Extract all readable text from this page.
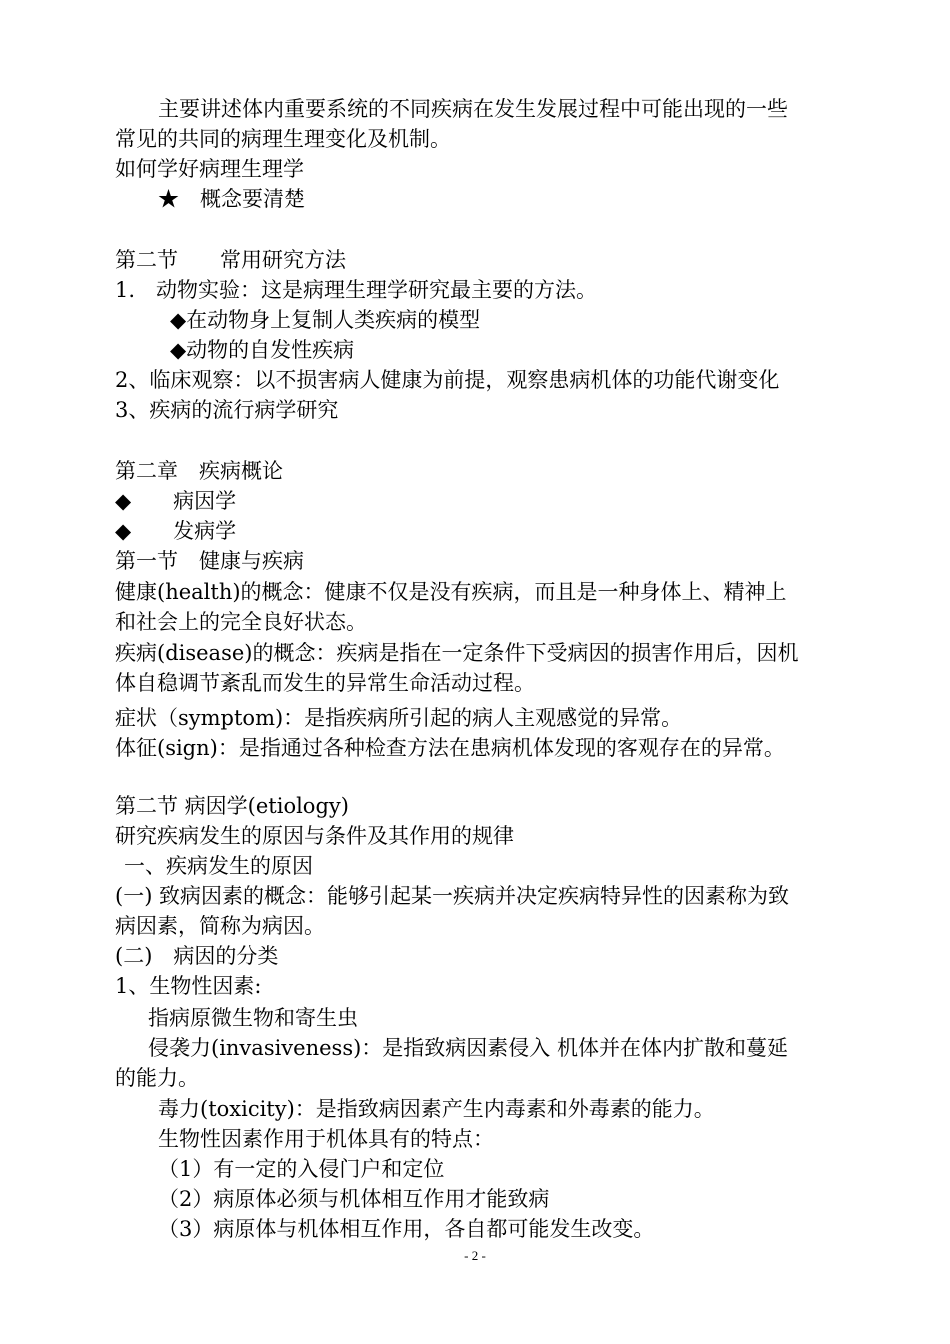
主要讲述体内重要系统的不同疾病在发生发展过程中可能出现的一些
常见的共同的病理生理变化及机制。
如何学好病理生理学
★　概念要清楚
第二节　　常用研究方法
1.　动物实验：这是病理生理学研究最主要的方法。
◆在动物身上复制人类疾病的模型
◆动物的自发性疾病
2、临床观察：以不损害病人健康为前提，观察患病机体的功能代谢变化
3、疾病的流行病学研究
第二章　疾病概论
◆　　病因学
◆　　发病学
第一节　健康与疾病
健康(health)的概念：健康不仅是没有疾病，而且是一种身体上、精神上
和社会上的完全良好状态。
疾病(disease)的概念：疾病是指在一定条件下受病因的损害作用后，因机
体自稳调节紊乱而发生的异常生命活动过程。
症状（symptom)：是指疾病所引起的病人主观感觉的异常。
体征(sign)：是指通过各种检查方法在患病机体发现的客观存在的异常。
第二节 病因学(etiology)
研究疾病发生的原因与条件及其作用的规律
一、疾病发生的原因
(一) 致病因素的概念：能够引起某一疾病并决定疾病特异性的因素称为致
病因素，简称为病因。
(二)　病因的分类
1、生物性因素:
指病原微生物和寄生虫
侵袭力(invasiveness)：是指致病因素侵入 机体并在体内扩散和蔓延
的能力。
毒力(toxicity)：是指致病因素产生内毒素和外毒素的能力。
生物性因素作用于机体具有的特点：
（1）有一定的入侵门户和定位
（2）病原体必须与机体相互作用才能致病
（3）病原体与机体相互作用，各自都可能发生改变。
- 2 -
